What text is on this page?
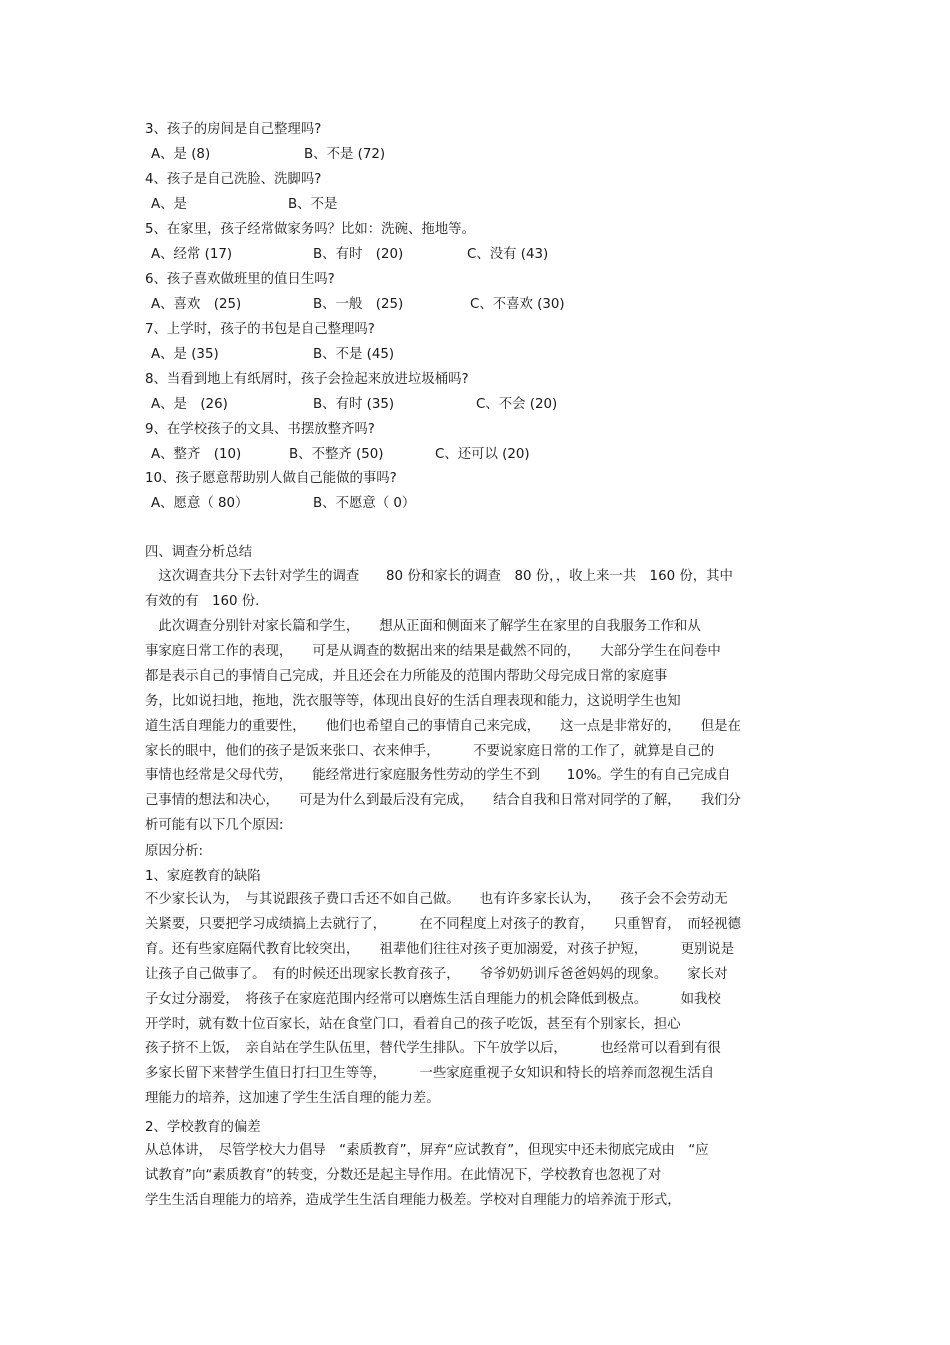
3、孩子的房间是自己整理吗?
A、是 (8)	B、不是 (72)
4、孩子是自己洗脸、洗脚吗?
A、是	B、不是
5、在家里，孩子经常做家务吗？比如：洗碗、拖地等。
A、经常 (17)	B、有时　(20)	C、没有 (43)
6、孩子喜欢做班里的值日生吗?
A、喜欢　(25)	B、一般　(25)	C、不喜欢 (30)
7、上学时，孩子的书包是自己整理吗?
A、是 (35)	B、不是 (45)
8、当看到地上有纸屑时，孩子会捡起来放进垃圾桶吗?
A、是　(26)	B、有时 (35)	C、不会 (20)
9、在学校孩子的文具、书摆放整齐吗?
A、整齐　(10)	B、不整齐 (50)	C、还可以 (20)
10、孩子愿意帮助别人做自己能做的事吗?
A、愿意（ 80）	B、不愿意（ 0）
四、调查分析总结
　这次调查共分下去针对学生的调查　　80 份和家长的调查　80 份，，收上来一共　160 份，其中
有效的有　160 份.
　此次调查分别针对家长篇和学生，　　想从正面和侧面来了解学生在家里的自我服务工作和从
事家庭日常工作的表现，　　可是从调查的数据出来的结果是截然不同的，　　大部分学生在问卷中
都是表示自己的事情自己完成，并且还会在力所能及的范围内帮助父母完成日常的家庭事
务，比如说扫地，拖地，洗衣服等等，体现出良好的生活自理表现和能力，这说明学生也知
道生活自理能力的重要性，　　他们也希望自己的事情自己来完成，　　这一点是非常好的，　　但是在
家长的眼中，他们的孩子是饭来张口、衣来伸手，　　　不要说家庭日常的工作了，就算是自己的
事情也经常是父母代劳，　　能经常进行家庭服务性劳动的学生不到　　10%。学生的有自己完成自
己事情的想法和决心，　　可是为什么到最后没有完成，　　结合自我和日常对同学的了解，　　我们分
析可能有以下几个原因:
原因分析:
1、家庭教育的缺陷
不少家长认为，　与其说跟孩子费口舌还不如自己做。　　也有许多家长认为，　　孩子会不会劳动无
关紧要，只要把学习成绩搞上去就行了，　　　在不同程度上对孩子的教育，　　只重智育，　而轻视德
育。还有些家庭隔代教育比较突出，　　祖辈他们往往对孩子更加溺爱，对孩子护短，　　　更别说是
让孩子自己做事了。　有的时候还出现家长教育孩子，　　爷爷奶奶训斥爸爸妈妈的现象。　　家长对
子女过分溺爱，　将孩子在家庭范围内经常可以磨炼生活自理能力的机会降低到极点。　　　如我校
开学时，就有数十位百家长，站在食堂门口，看着自己的孩子吃饭，甚至有个别家长，担心
孩子挤不上饭，　亲自站在学生队伍里，替代学生排队。下午放学以后，　　　也经常可以看到有很
多家长留下来替学生值日打扫卫生等等，　　　一些家庭重视子女知识和特长的培养而忽视生活自
理能力的培养，这加速了学生生活自理的能力差。
2、学校教育的偏差
从总体讲，　尽管学校大力倡导　“素质教育”，屏弃“应试教育”，但现实中还未彻底完成由　“应
试教育”向“素质教育”的转变，分数还是起主导作用。在此情况下，学校教育也忽视了对
学生生活自理能力的培养，造成学生生活自理能力极差。学校对自理能力的培养流于形式，
